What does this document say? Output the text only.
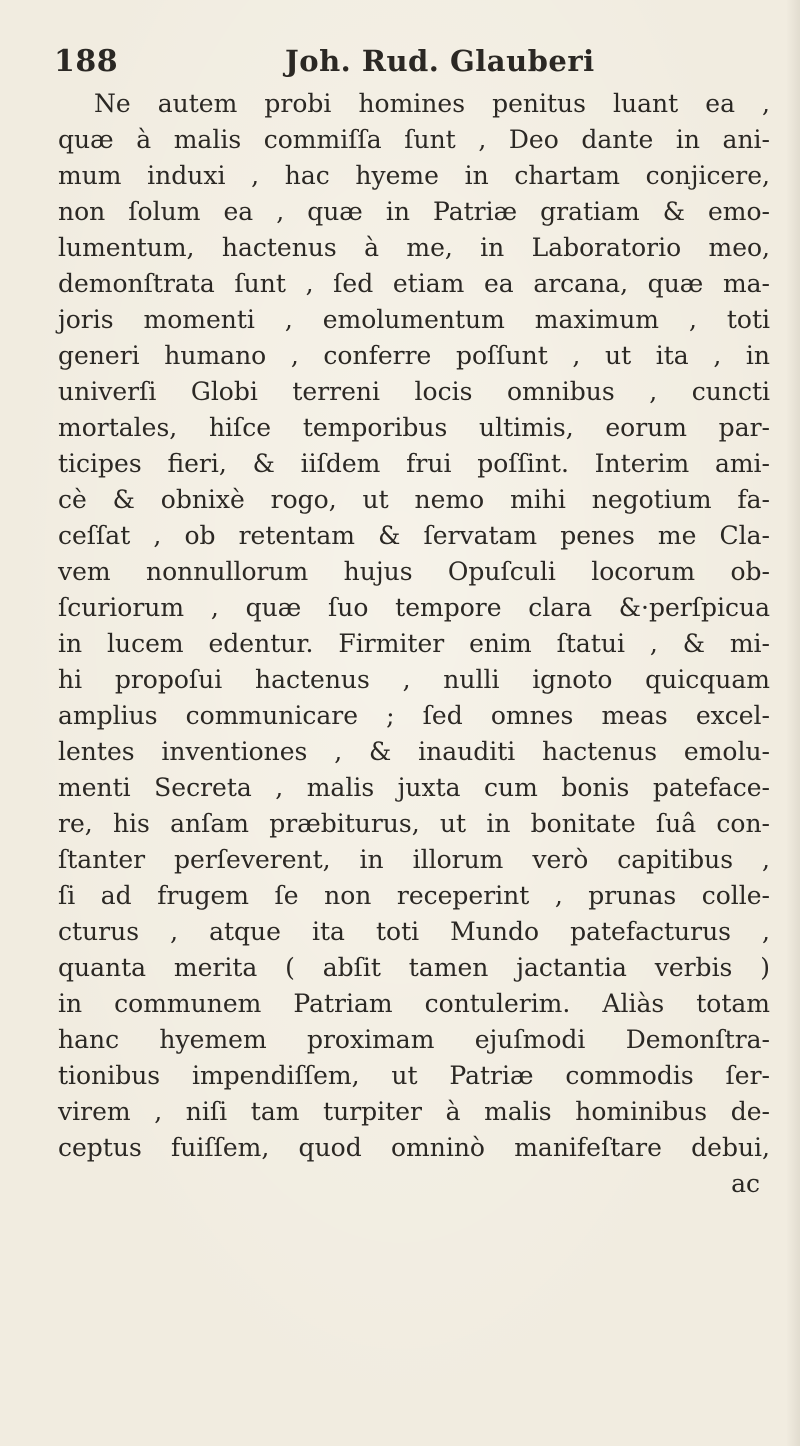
188	Joh. Rud. Glauberi
Ne autem probi homines penitus luant ea ,
quæ à malis commiſſa ſunt , Deo dante in ani-
mum induxi , hac hyeme in chartam conjicere,
non ſolum ea , quæ in Patriæ gratiam & emo-
lumentum, hactenus à me, in Laboratorio meo,
demonſtrata ſunt , ſed etiam ea arcana, quæ ma-
joris momenti , emolumentum maximum , toti
generi humano , conferre poſſunt , ut ita , in
univerſi Globi terreni locis omnibus , cuncti
mortales, hiſce temporibus ultimis, eorum par-
ticipes fieri, & iiſdem frui poſſint. Interim ami-
cè & obnixè rogo, ut nemo mihi negotium fa-
ceſſat , ob retentam & ſervatam penes me Cla-
vem nonnullorum hujus Opuſculi locorum ob-
ſcuriorum , quæ ſuo tempore clara &·perſpicua
in lucem edentur. Firmiter enim ſtatui , & mi-
hi propoſui hactenus , nulli ignoto quicquam
amplius communicare ; ſed omnes meas excel-
lentes inventiones , & inauditi hactenus emolu-
menti Secreta , malis juxta cum bonis pateface-
re, his anſam præbiturus, ut in bonitate ſuâ con-
ſtanter perſeverent, in illorum verò capitibus ,
ſi ad frugem ſe non receperint , prunas colle-
cturus , atque ita toti Mundo patefacturus ,
quanta merita ( abſit tamen jactantia verbis )
in communem Patriam contulerim. Aliàs totam
hanc hyemem proximam ejuſmodi Demonſtra-
tionibus impendiſſem, ut Patriæ commodis ſer-
virem , niſi tam turpiter à malis hominibus de-
ceptus fuiſſem, quod omninò manifeſtare debui,
ac
